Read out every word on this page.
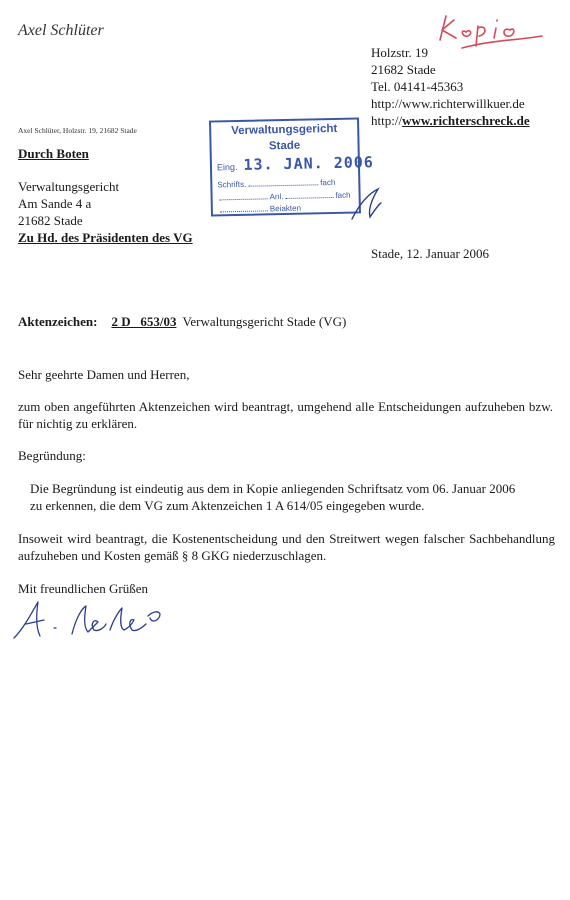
Axel Schlüter
Holzstr. 19
21682 Stade
Tel. 04141-45363
http://www.richterwillkuer.de
http://www.richterschreck.de
Axel Schlüter, Holzstr. 19, 21682 Stade	Verwaltungsgericht
Stade
Eing. 13. JAN. 2006
Schrifts.	fach
Anl.	fach
Beiakten
Durch Boten
Verwaltungsgericht
Am Sande 4 a
21682 Stade
Zu Hd. des Präsidenten des VG
Stade, 12. Januar 2006
Aktenzeichen: 2 D   653/03 Verwaltungsgericht Stade (VG)
Sehr geehrte Damen und Herren,
zum oben angeführten Aktenzeichen wird beantragt, umgehend alle Entscheidungen aufzuheben bzw. für nichtig zu erklären.
Begründung:
Die Begründung ist eindeutig aus dem in Kopie anliegenden Schriftsatz vom 06. Januar 2006
zu erkennen, die dem VG zum Aktenzeichen 1 A 614/05 eingegeben wurde.
Insoweit wird beantragt, die Kostenentscheidung und den Streitwert wegen falscher Sachbehandlung aufzuheben und Kosten gemäß § 8 GKG niederzuschlagen.
Mit freundlichen Grüßen
